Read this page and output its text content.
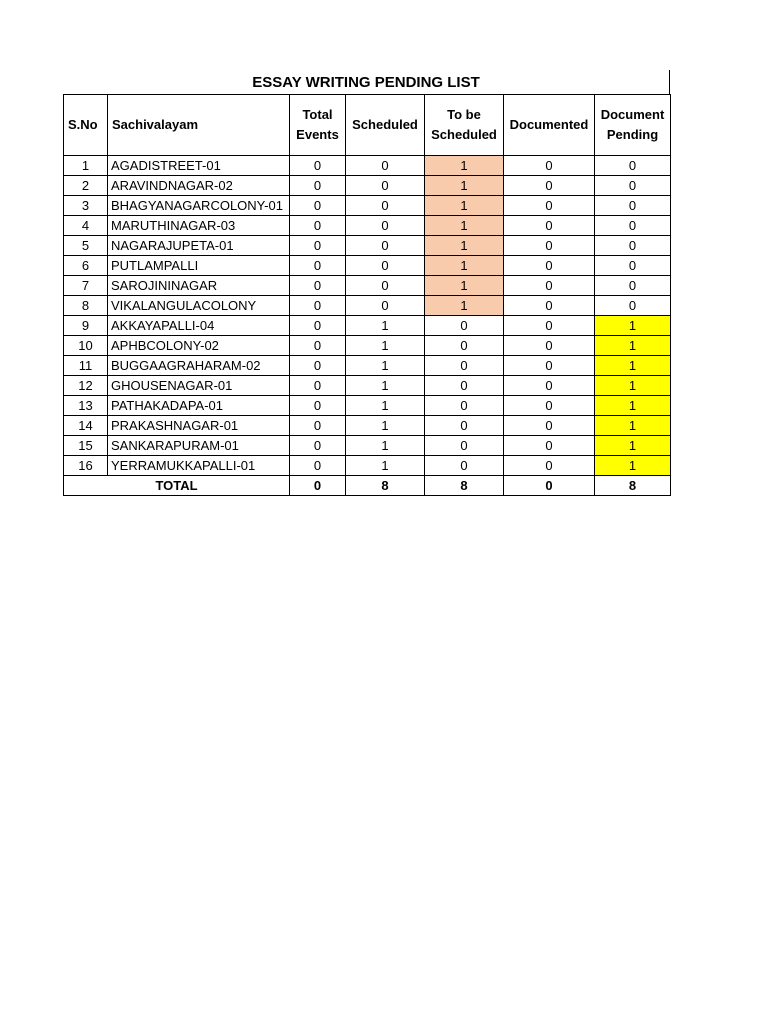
ESSAY WRITING PENDING LIST
S.No	Sachivalayam	Total Events	Scheduled	To be Scheduled	Documented	Document Pending
1	AGADISTREET-01	0	0	1	0	0
2	ARAVINDNAGAR-02	0	0	1	0	0
3	BHAGYANAGARCOLONY-01	0	0	1	0	0
4	MARUTHINAGAR-03	0	0	1	0	0
5	NAGARAJUPETA-01	0	0	1	0	0
6	PUTLAMPALLI	0	0	1	0	0
7	SAROJININAGAR	0	0	1	0	0
8	VIKALANGULACOLONY	0	0	1	0	0
9	AKKAYAPALLI-04	0	1	0	0	1
10	APHBCOLONY-02	0	1	0	0	1
11	BUGGAAGRAHARAM-02	0	1	0	0	1
12	GHOUSENAGAR-01	0	1	0	0	1
13	PATHAKADAPA-01	0	1	0	0	1
14	PRAKASHNAGAR-01	0	1	0	0	1
15	SANKARAPURAM-01	0	1	0	0	1
16	YERRAMUKKAPALLI-01	0	1	0	0	1
TOTAL		0	8	8	0	8
